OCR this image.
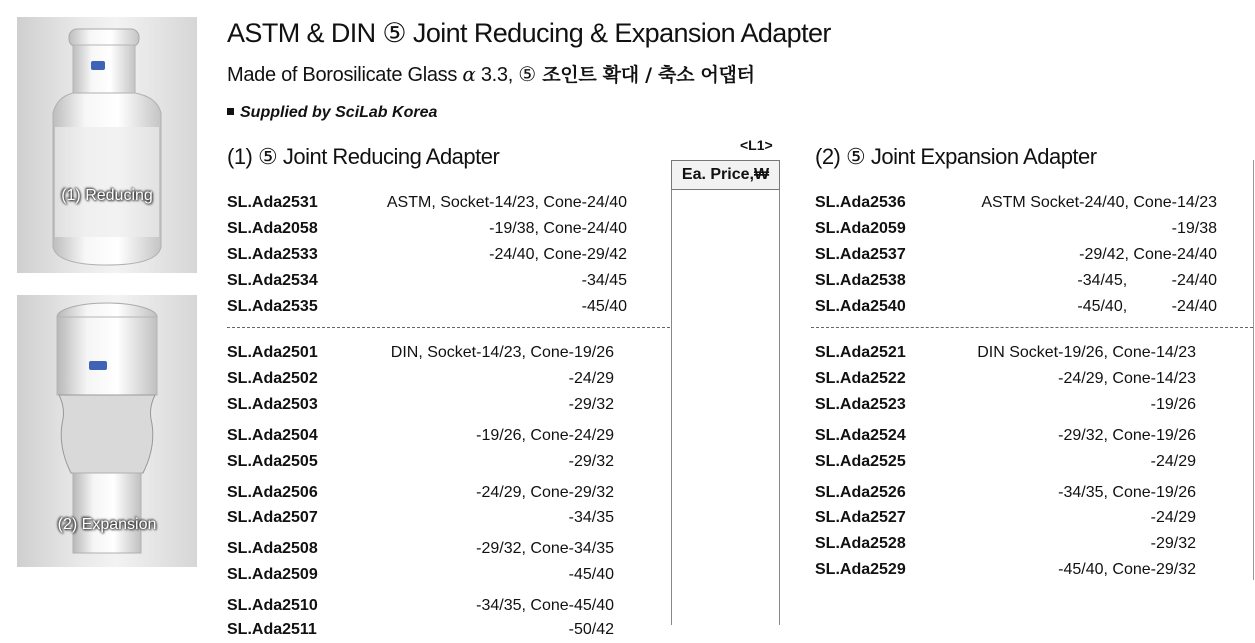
(1) Reducing
(2) Expansion
ASTM & DIN ⑤ Joint Reducing & Expansion Adapter
Made of Borosilicate Glass α 3.3, ⑤ 조인트 확대 / 축소 어댑터
Supplied by SciLab Korea
(1) ⑤ Joint Reducing Adapter	(2) ⑤ Joint Expansion Adapter
<L1>
Ea. Price,₩
SL.Ada2531	ASTM, Socket-14/23, Cone-24/40
SL.Ada2058	-19/38, Cone-24/40
SL.Ada2533	-24/40, Cone-29/42
SL.Ada2534	-34/45
SL.Ada2535	-45/40
SL.Ada2501	DIN, Socket-14/23, Cone-19/26
SL.Ada2502	-24/29
SL.Ada2503	-29/32
SL.Ada2504	-19/26, Cone-24/29
SL.Ada2505	-29/32
SL.Ada2506	-24/29, Cone-29/32
SL.Ada2507	-34/35
SL.Ada2508	-29/32, Cone-34/35
SL.Ada2509	-45/40
SL.Ada2510	-34/35, Cone-45/40
SL.Ada2511	-50/42
SL.Ada2536	ASTM Socket-24/40, Cone-14/23
SL.Ada2059	-19/38
SL.Ada2537	-29/42, Cone-24/40
SL.Ada2538	-34/45,          -24/40
SL.Ada2540	-45/40,          -24/40
SL.Ada2521	DIN Socket-19/26, Cone-14/23
SL.Ada2522	-24/29, Cone-14/23
SL.Ada2523	-19/26
SL.Ada2524	-29/32, Cone-19/26
SL.Ada2525	-24/29
SL.Ada2526	-34/35, Cone-19/26
SL.Ada2527	-24/29
SL.Ada2528	-29/32
SL.Ada2529	-45/40, Cone-29/32
